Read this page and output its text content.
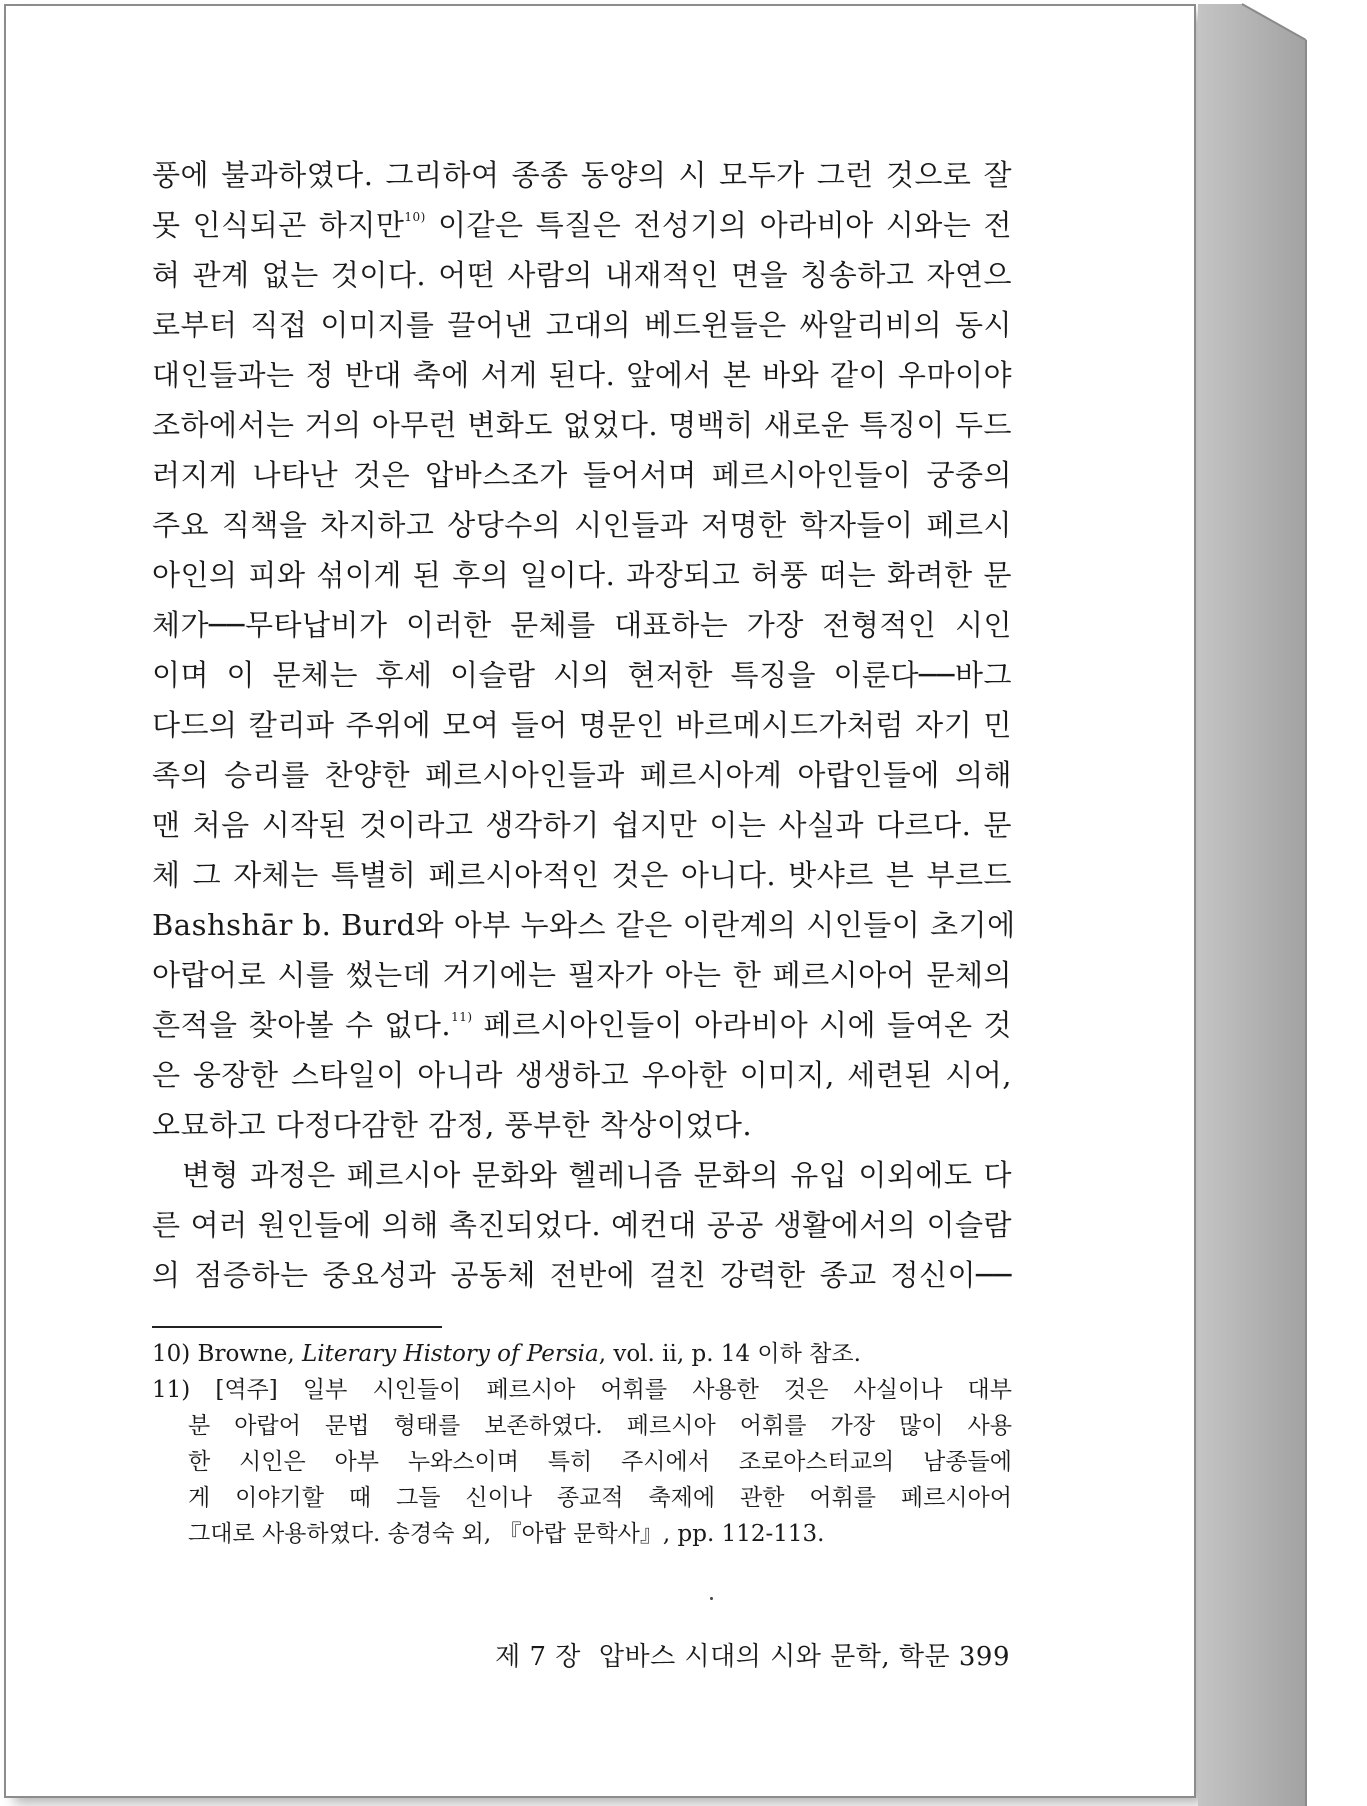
풍에 불과하였다. 그리하여 종종 동양의 시 모두가 그런 것으로 잘
못 인식되곤 하지만$^{10)}$ 이같은 특질은 전성기의 아라비아 시와는 전
혀 관계 없는 것이다. 어떤 사람의 내재적인 면을 칭송하고 자연으
로부터 직접 이미지를 끌어낸 고대의 베드윈들은 싸알리비의 동시
대인들과는 정 반대 축에 서게 된다. 앞에서 본 바와 같이 우마이야
조하에서는 거의 아무런 변화도 없었다. 명백히 새로운 특징이 두드
러지게 나타난 것은 압바스조가 들어서며 페르시아인들이 궁중의
주요 직책을 차지하고 상당수의 시인들과 저명한 학자들이 페르시
아인의 피와 섞이게 된 후의 일이다. 과장되고 허풍 떠는 화려한 문
체가──무타납비가 이러한 문체를 대표하는 가장 전형적인 시인
이며 이 문체는 후세 이슬람 시의 현저한 특징을 이룬다──바그
다드의 칼리파 주위에 모여 들어 명문인 바르메시드가처럼 자기 민
족의 승리를 찬양한 페르시아인들과 페르시아계 아랍인들에 의해
맨 처음 시작된 것이라고 생각하기 쉽지만 이는 사실과 다르다. 문
체 그 자체는 특별히 페르시아적인 것은 아니다. 밧샤르 븐 부르드
Bashshār b. Burd와 아부 누와스 같은 이란계의 시인들이 초기에
아랍어로 시를 썼는데 거기에는 필자가 아는 한 페르시아어 문체의
흔적을 찾아볼 수 없다.$^{11)}$ 페르시아인들이 아라비아 시에 들여온 것
은 웅장한 스타일이 아니라 생생하고 우아한 이미지, 세련된 시어,
오묘하고 다정다감한 감정, 풍부한 착상이었다.
변형 과정은 페르시아 문화와 헬레니즘 문화의 유입 이외에도 다
른 여러 원인들에 의해 촉진되었다. 예컨대 공공 생활에서의 이슬람
의 점증하는 중요성과 공동체 전반에 걸친 강력한 종교 정신이──
10) Browne, Literary History of Persia, vol. ii, p. 14 이하 참조.
11) [역주] 일부 시인들이 페르시아 어휘를 사용한 것은 사실이나 대부
분 아랍어 문법 형태를 보존하였다. 페르시아 어휘를 가장 많이 사용
한 시인은 아부 누와스이며 특히 주시에서 조로아스터교의 남종들에
게 이야기할 때 그들 신이나 종교적 축제에 관한 어휘를 페르시아어
그대로 사용하였다. 송경숙 외, 『아랍 문학사』, pp. 112-113.
제 7 장 압바스 시대의 시와 문학, 학문 399
